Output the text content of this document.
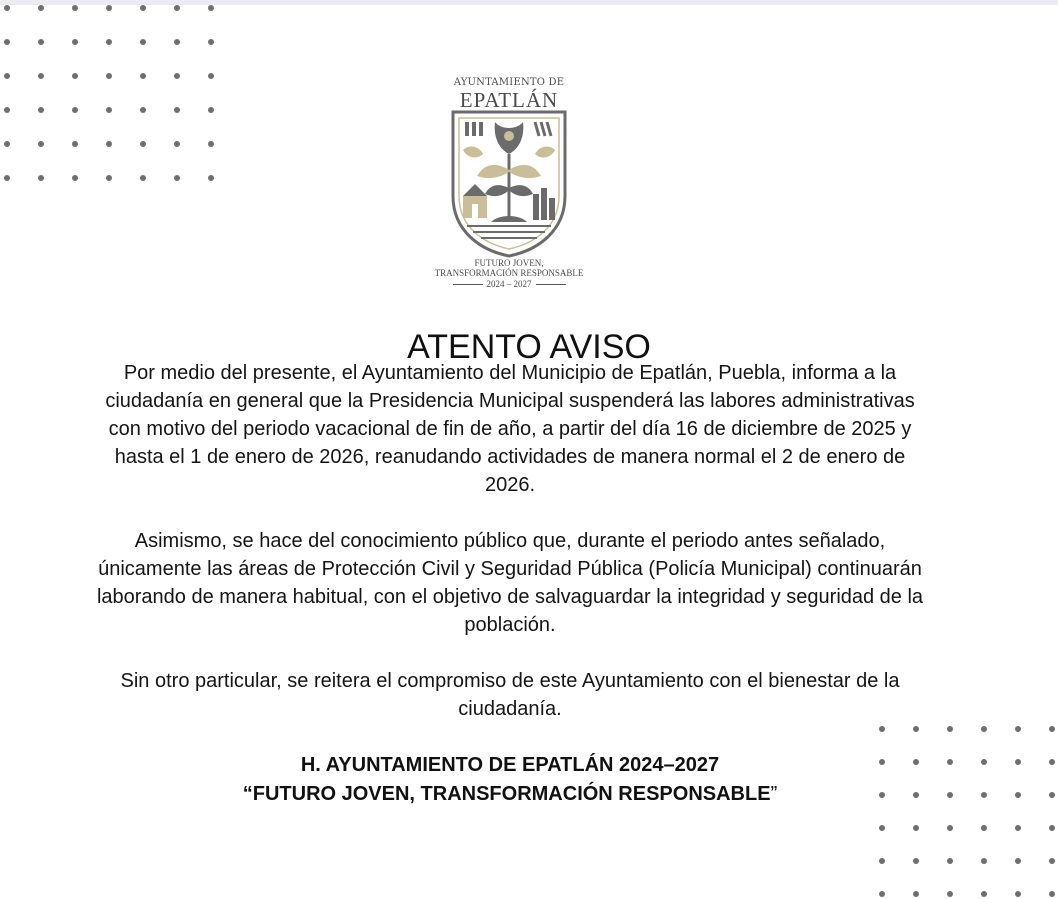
AYUNTAMIENTO DE
EPATLÁN
FUTURO JOVEN,
TRANSFORMACIÓN RESPONSABLE
2024 – 2027
ATENTO AVISO

Por medio del presente, el Ayuntamiento del Municipio de Epatlán, Puebla, informa a la ciudadanía en general que la Presidencia Municipal suspenderá las labores administrativas con motivo del periodo vacacional de fin de año, a partir del día 16 de diciembre de 2025 y hasta el 1 de enero de 2026, reanudando actividades de manera normal el 2 de enero de 2026.

Asimismo, se hace del conocimiento público que, durante el periodo antes señalado, únicamente las áreas de Protección Civil y Seguridad Pública (Policía Municipal) continuarán laborando de manera habitual, con el objetivo de salvaguardar la integridad y seguridad de la población.

Sin otro particular, se reitera el compromiso de este Ayuntamiento con el bienestar de la ciudadanía.

H. AYUNTAMIENTO DE EPATLÁN 2024–2027
“FUTURO JOVEN, TRANSFORMACIÓN RESPONSABLE”
